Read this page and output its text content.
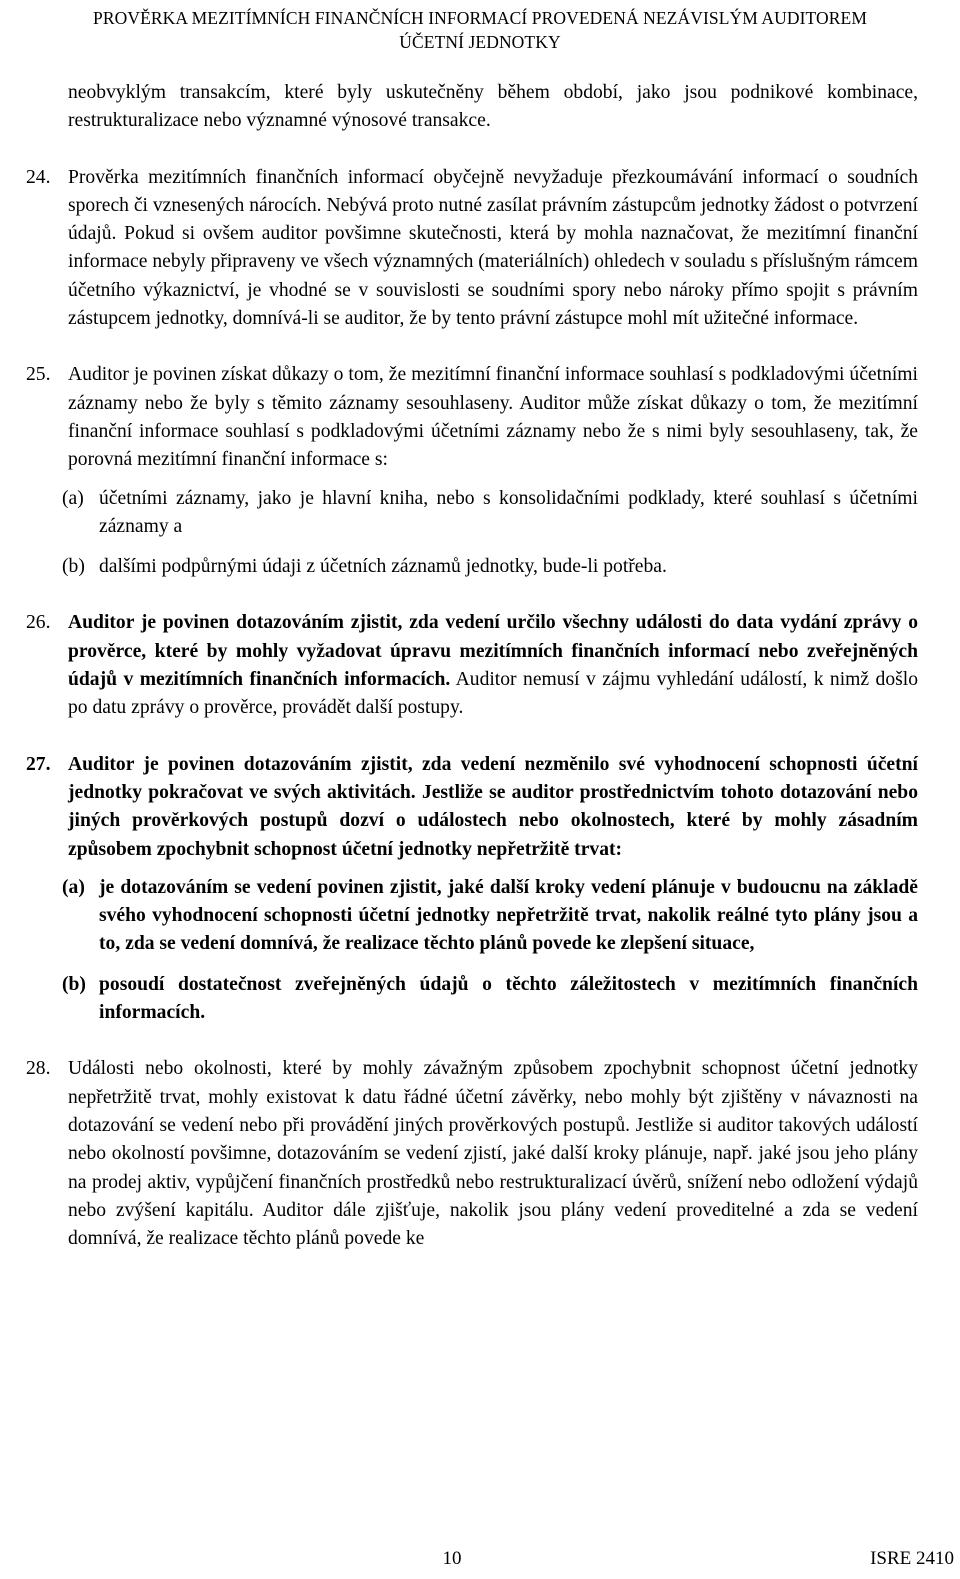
PROVĚRKA MEZITÍMNÍCH FINANČNÍCH INFORMACÍ PROVEDENÁ NEZÁVISLÝM AUDITOREM
ÚČETNÍ JEDNOTKY
neobvyklým transakcím, které byly uskutečněny během období, jako jsou podnikové kombinace, restrukturalizace nebo významné výnosové transakce.
24. Prověrka mezitímních finančních informací obyčejně nevyžaduje přezkoumávání informací o soudních sporech či vznesených nárocích. Nebývá proto nutné zasílat právním zástupcům jednotky žádost o potvrzení údajů. Pokud si ovšem auditor povšimne skutečnosti, která by mohla naznačovat, že mezitímní finanční informace nebyly připraveny ve všech významných (materiálních) ohledech v souladu s příslušným rámcem účetního výkaznictví, je vhodné se v souvislosti se soudními spory nebo nároky přímo spojit s právním zástupcem jednotky, domnívá-li se auditor, že by tento právní zástupce mohl mít užitečné informace.
25. Auditor je povinen získat důkazy o tom, že mezitímní finanční informace souhlasí s podkladovými účetními záznamy nebo že byly s těmito záznamy sesouhlaseny. Auditor může získat důkazy o tom, že mezitímní finanční informace souhlasí s podkladovými účetními záznamy nebo že s nimi byly sesouhlaseny, tak, že porovná mezitímní finanční informace s:
(a) účetními záznamy, jako je hlavní kniha, nebo s konsolidačními podklady, které souhlasí s účetními záznamy a
(b) dalšími podpůrnými údaji z účetních záznamů jednotky, bude-li potřeba.
26. Auditor je povinen dotazováním zjistit, zda vedení určilo všechny události do data vydání zprávy o prověrce, které by mohly vyžadovat úpravu mezitímních finančních informací nebo zveřejněných údajů v mezitímních finančních informacích. Auditor nemusí v zájmu vyhledání událostí, k nimž došlo po datu zprávy o prověrce, provádět další postupy.
27. Auditor je povinen dotazováním zjistit, zda vedení nezměnilo své vyhodnocení schopnosti účetní jednotky pokračovat ve svých aktivitách. Jestliže se auditor prostřednictvím tohoto dotazování nebo jiných prověrkových postupů dozví o událostech nebo okolnostech, které by mohly zásadním způsobem zpochybnit schopnost účetní jednotky nepřetržitě trvat:
(a) je dotazováním se vedení povinen zjistit, jaké další kroky vedení plánuje v budoucnu na základě svého vyhodnocení schopnosti účetní jednotky nepřetržitě trvat, nakolik reálné tyto plány jsou a to, zda se vedení domnívá, že realizace těchto plánů povede ke zlepšení situace,
(b) posoudí dostatečnost zveřejněných údajů o těchto záležitostech v mezitímních finančních informacích.
28. Události nebo okolnosti, které by mohly závažným způsobem zpochybnit schopnost účetní jednotky nepřetržitě trvat, mohly existovat k datu řádné účetní závěrky, nebo mohly být zjištěny v návaznosti na dotazování se vedení nebo při provádění jiných prověrkových postupů. Jestliže si auditor takových událostí nebo okolností povšimne, dotazováním se vedení zjistí, jaké další kroky plánuje, např. jaké jsou jeho plány na prodej aktiv, vypůjčení finančních prostředků nebo restrukturalizací úvěrů, snížení nebo odložení výdajů nebo zvýšení kapitálu. Auditor dále zjišťuje, nakolik jsou plány vedení proveditelné a zda se vedení domnívá, že realizace těchto plánů povede ke
10	ISRE 2410
